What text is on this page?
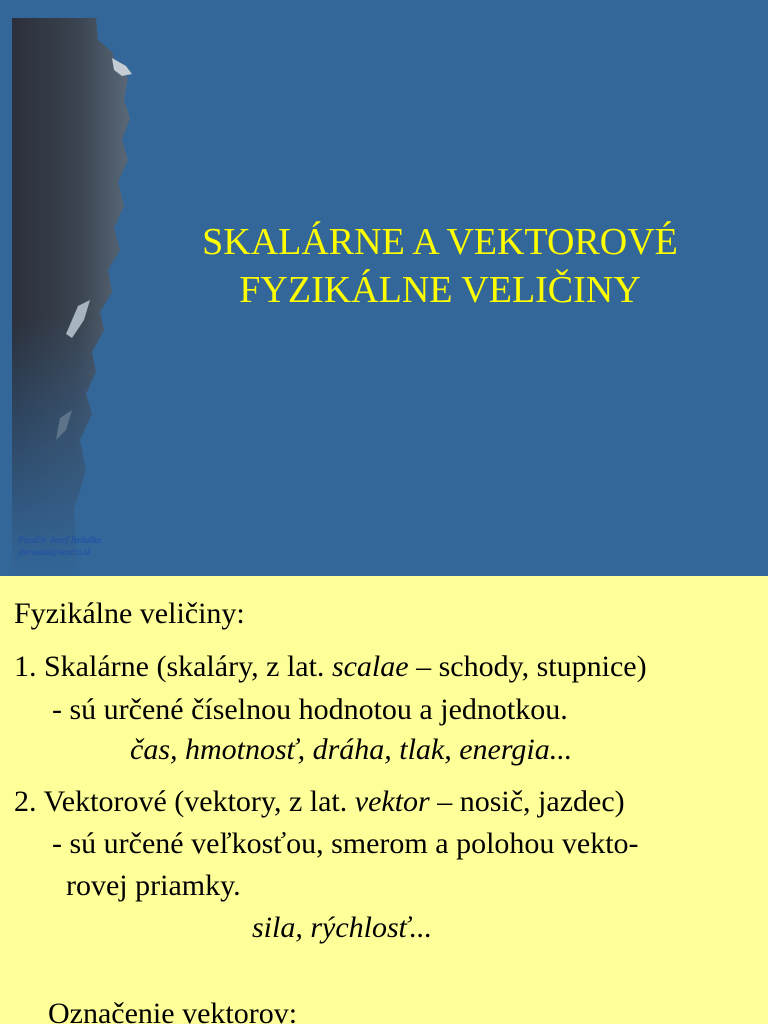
SKALÁRNE A VEKTOROVÉ
FYZIKÁLNE VELIČINY
PaedDr. Jozef Beňuška
jbenuska@nextra.sk
Fyzikálne veličiny:
1. Skalárne (skaláry, z lat. scalae – schody, stupnice)
- sú určené číselnou hodnotou a jednotkou.
čas, hmotnosť, dráha, tlak, energia...
2. Vektorové (vektory, z lat. vektor – nosič, jazdec)
- sú určené veľkosťou, smerom a polohou vekto-
rovej priamky.
sila, rýchlosť...
Označenie vektorov:
